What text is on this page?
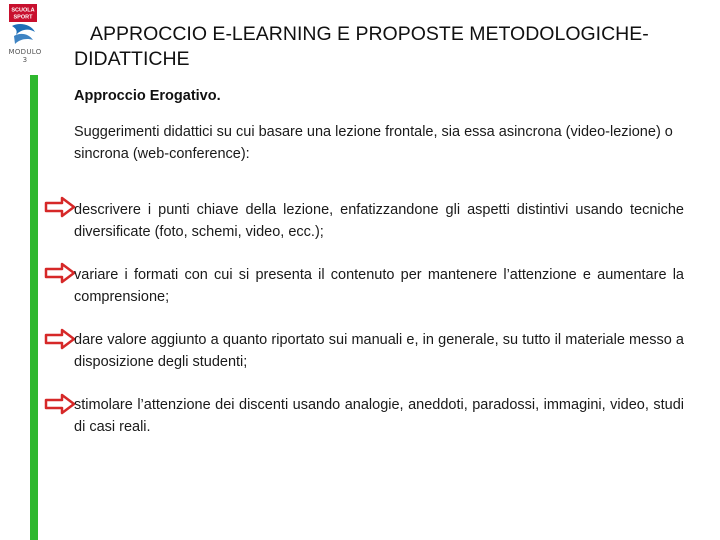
SCUOLA
SPORT
MODULO 3
APPROCCIO E-LEARNING E PROPOSTE METODOLOGICHE-
DIDATTICHE

Approccio Erogativo.

Suggerimenti didattici su cui basare una lezione frontale, sia essa asincrona (video-lezione) o sincrona (web-conference):

descrivere i punti chiave della lezione, enfatizzandone gli aspetti distintivi usando tecniche diversificate (foto, schemi, video, ecc.);

variare i formati con cui si presenta il contenuto per mantenere l’attenzione e aumentare la comprensione;

dare valore aggiunto a quanto riportato sui manuali e, in generale, su tutto il materiale messo a disposizione degli studenti;

stimolare l’attenzione dei discenti usando analogie, aneddoti, paradossi, immagini, video, studi di casi reali.
